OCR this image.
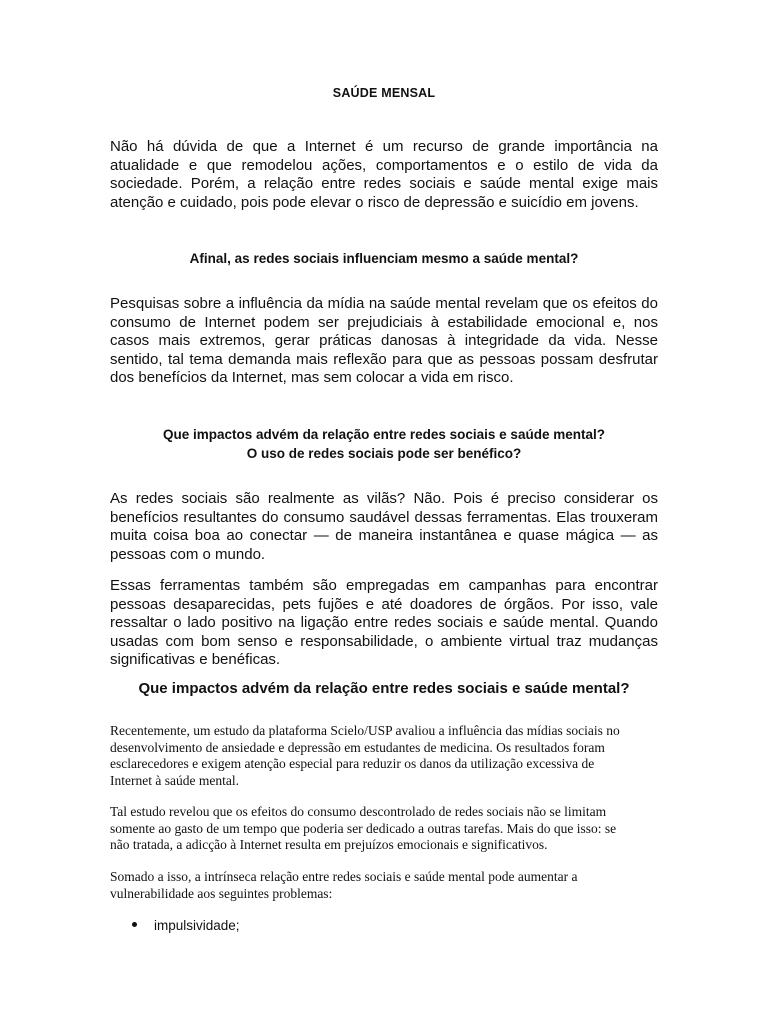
SAÚDE MENSAL

Não há dúvida de que a Internet é um recurso de grande importância na atualidade e que remodelou ações, comportamentos e o estilo de vida da sociedade. Porém, a relação entre redes sociais e saúde mental exige mais atenção e cuidado, pois pode elevar o risco de depressão e suicídio em jovens.

Afinal, as redes sociais influenciam mesmo a saúde mental?

Pesquisas sobre a influência da mídia na saúde mental revelam que os efeitos do consumo de Internet podem ser prejudiciais à estabilidade emocional e, nos casos mais extremos, gerar práticas danosas à integridade da vida. Nesse sentido, tal tema demanda mais reflexão para que as pessoas possam desfrutar dos benefícios da Internet, mas sem colocar a vida em risco.

Que impactos advém da relação entre redes sociais e saúde mental?

O uso de redes sociais pode ser benéfico?

As redes sociais são realmente as vilãs? Não. Pois é preciso considerar os benefícios resultantes do consumo saudável dessas ferramentas. Elas trouxeram muita coisa boa ao conectar — de maneira instantânea e quase mágica — as pessoas com o mundo.

Essas ferramentas também são empregadas em campanhas para encontrar pessoas desaparecidas, pets fujões e até doadores de órgãos. Por isso, vale ressaltar o lado positivo na ligação entre redes sociais e saúde mental. Quando usadas com bom senso e responsabilidade, o ambiente virtual traz mudanças significativas e benéficas.

Que impactos advém da relação entre redes sociais e saúde mental?

Recentemente, um estudo da plataforma Scielo/USP avaliou a influência das mídias sociais no desenvolvimento de ansiedade e depressão em estudantes de medicina. Os resultados foram esclarecedores e exigem atenção especial para reduzir os danos da utilização excessiva de Internet à saúde mental.

Tal estudo revelou que os efeitos do consumo descontrolado de redes sociais não se limitam somente ao gasto de um tempo que poderia ser dedicado a outras tarefas. Mais do que isso: se não tratada, a adicção à Internet resulta em prejuízos emocionais e significativos.

Somado a isso, a intrínseca relação entre redes sociais e saúde mental pode aumentar a vulnerabilidade aos seguintes problemas:

impulsividade;
